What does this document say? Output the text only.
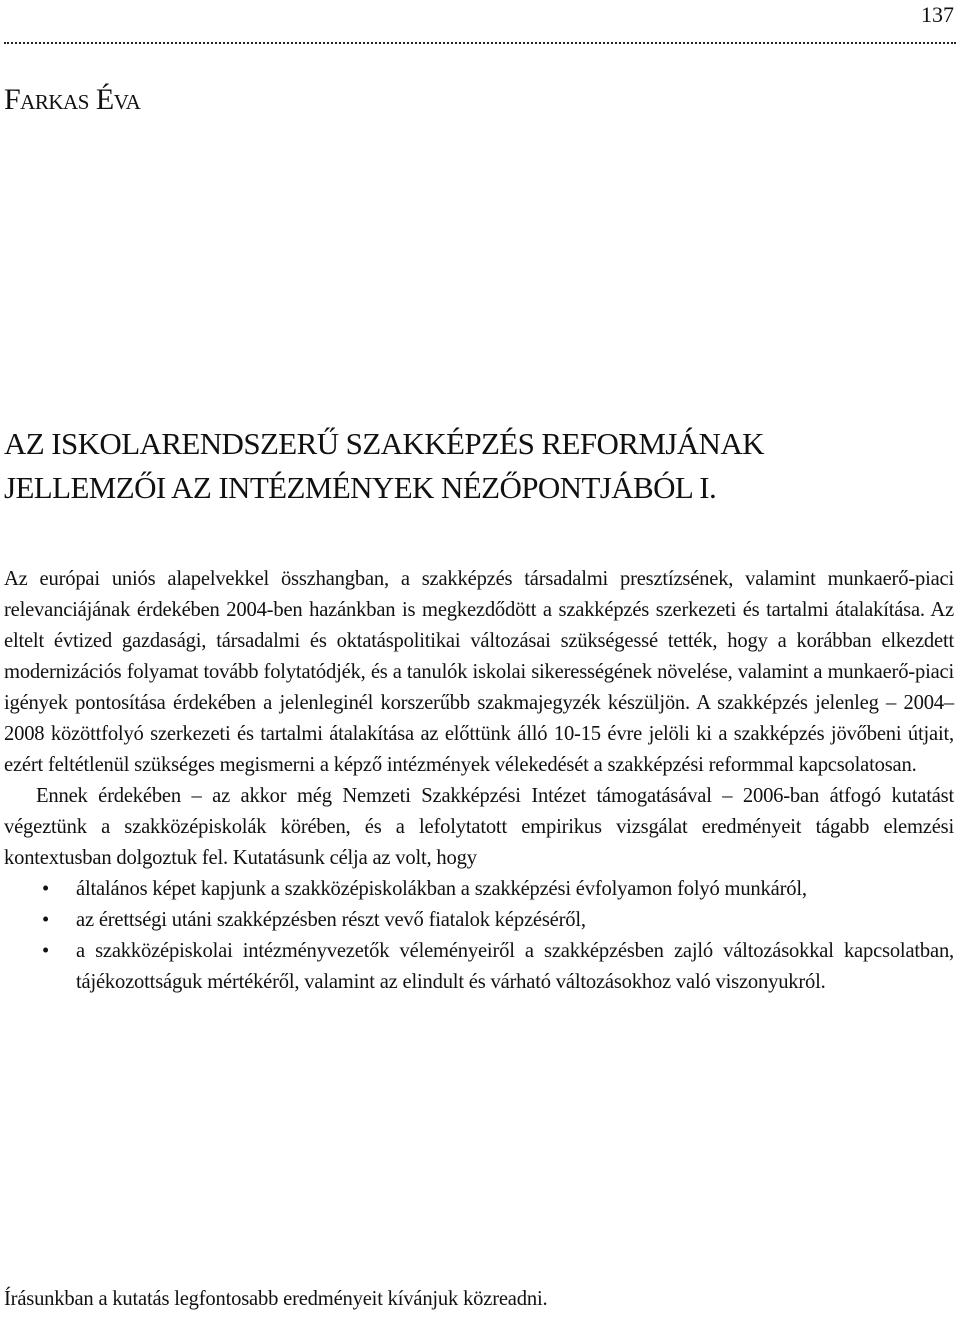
137
Farkas Éva
AZ ISKOLARENDSZERŰ SZAKKÉPZÉS REFORMJÁNAK
JELLEMZŐI AZ INTÉZMÉNYEK NÉZŐPONTJÁBÓL I.

Az európai uniós alapelvekkel összhangban, a szakképzés társadalmi presztízsének, valamint munkaerő-piaci relevanciájának érdekében 2004-ben hazánkban is megkezdődött a szakképzés szerkezeti és tartalmi átalakítása. Az eltelt évtized gazdasági, társadalmi és oktatáspolitikai változásai szükségessé tették, hogy a korábban elkezdett modernizációs folyamat tovább folytatódjék, és a tanulók iskolai sikerességének növelése, valamint a munkaerő-piaci igények pontosítása érdekében a jelenleginél korszerűbb szakmajegyzék készüljön. A szakképzés jelenleg – 2004–2008 közöttfolyó szerkezeti és tartalmi átalakítása az előttünk álló 10-15 évre jelöli ki a szakképzés jövőbeni útjait, ezért feltétlenül szükséges megismerni a képző intézmények vélekedését a szakképzési reformmal kapcsolatosan.

Ennek érdekében – az akkor még Nemzeti Szakképzési Intézet támogatásával – 2006-ban átfogó kutatást végeztünk a szakközépiskolák körében, és a lefolytatott empirikus vizsgálat eredményeit tágabb elemzési kontextusban dolgoztuk fel. Kutatásunk célja az volt, hogy

• általános képet kapjunk a szakközépiskolákban a szakképzési évfolyamon folyó munkáról,
• az érettségi utáni szakképzésben részt vevő fiatalok képzéséről,
• a szakközépiskolai intézményvezetők véleményeiről a szakképzésben zajló változásokkal kapcsolatban, tájékozottságuk mértékéről, valamint az elindult és várható változásokhoz való viszonyukról.
Írásunkban a kutatás legfontosabb eredményeit kívánjuk közreadni.
